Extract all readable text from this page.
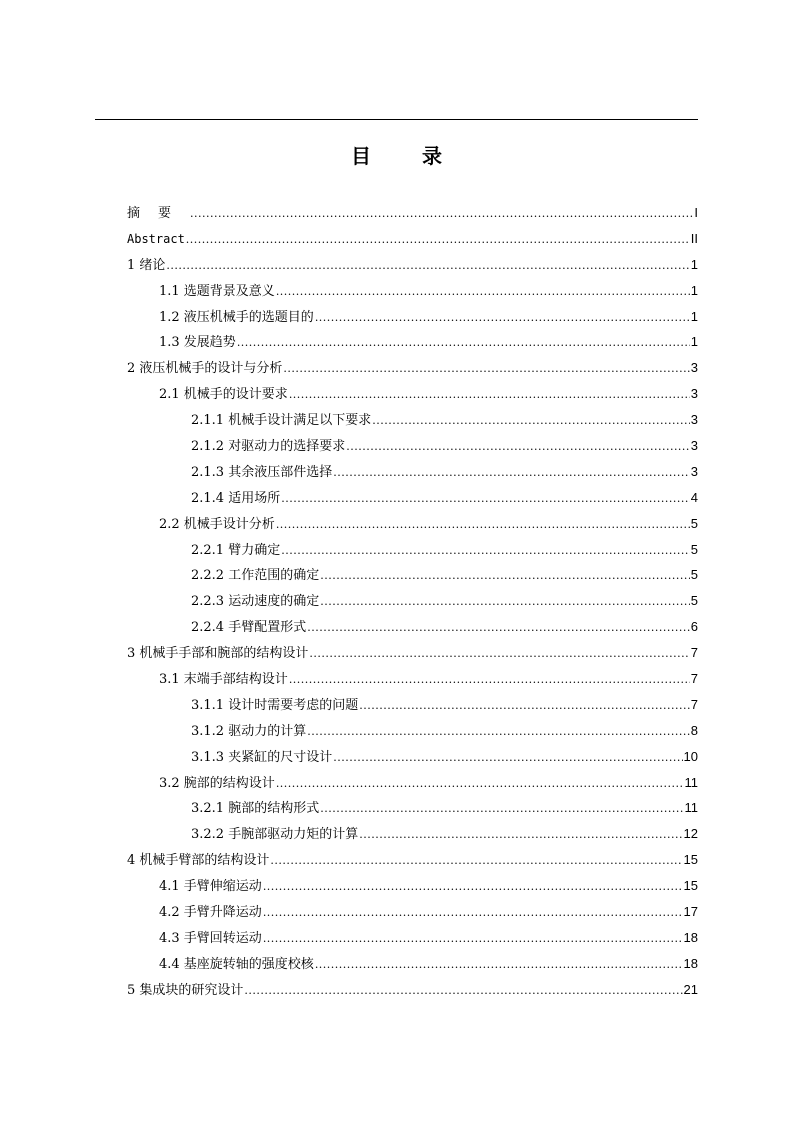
目 录
摘要 .....	I
Abstract .....	II
1 绪论 .....	1
1.1 选题背景及意义 .....	1
1.2 液压机械手的选题目的 .....	1
1.3 发展趋势 .....	1
2 液压机械手的设计与分析 .....	3
2.1 机械手的设计要求 .....	3
2.1.1 机械手设计满足以下要求 .....	3
2.1.2 对驱动力的选择要求 .....	3
2.1.3 其余液压部件选择 .....	3
2.1.4 适用场所 .....	4
2.2 机械手设计分析 .....	5
2.2.1 臂力确定 .....	5
2.2.2 工作范围的确定 .....	5
2.2.3 运动速度的确定 .....	5
2.2.4 手臂配置形式 .....	6
3 机械手手部和腕部的结构设计 .....	7
3.1 末端手部结构设计 .....	7
3.1.1 设计时需要考虑的问题 .....	7
3.1.2 驱动力的计算 .....	8
3.1.3 夹紧缸的尺寸设计 .....	10
3.2 腕部的结构设计 .....	11
3.2.1 腕部的结构形式 .....	11
3.2.2 手腕部驱动力矩的计算 .....	12
4 机械手臂部的结构设计 .....	15
4.1 手臂伸缩运动 .....	15
4.2 手臂升降运动 .....	17
4.3 手臂回转运动 .....	18
4.4 基座旋转轴的强度校核 .....	18
5 集成块的研究设计 .....	21
